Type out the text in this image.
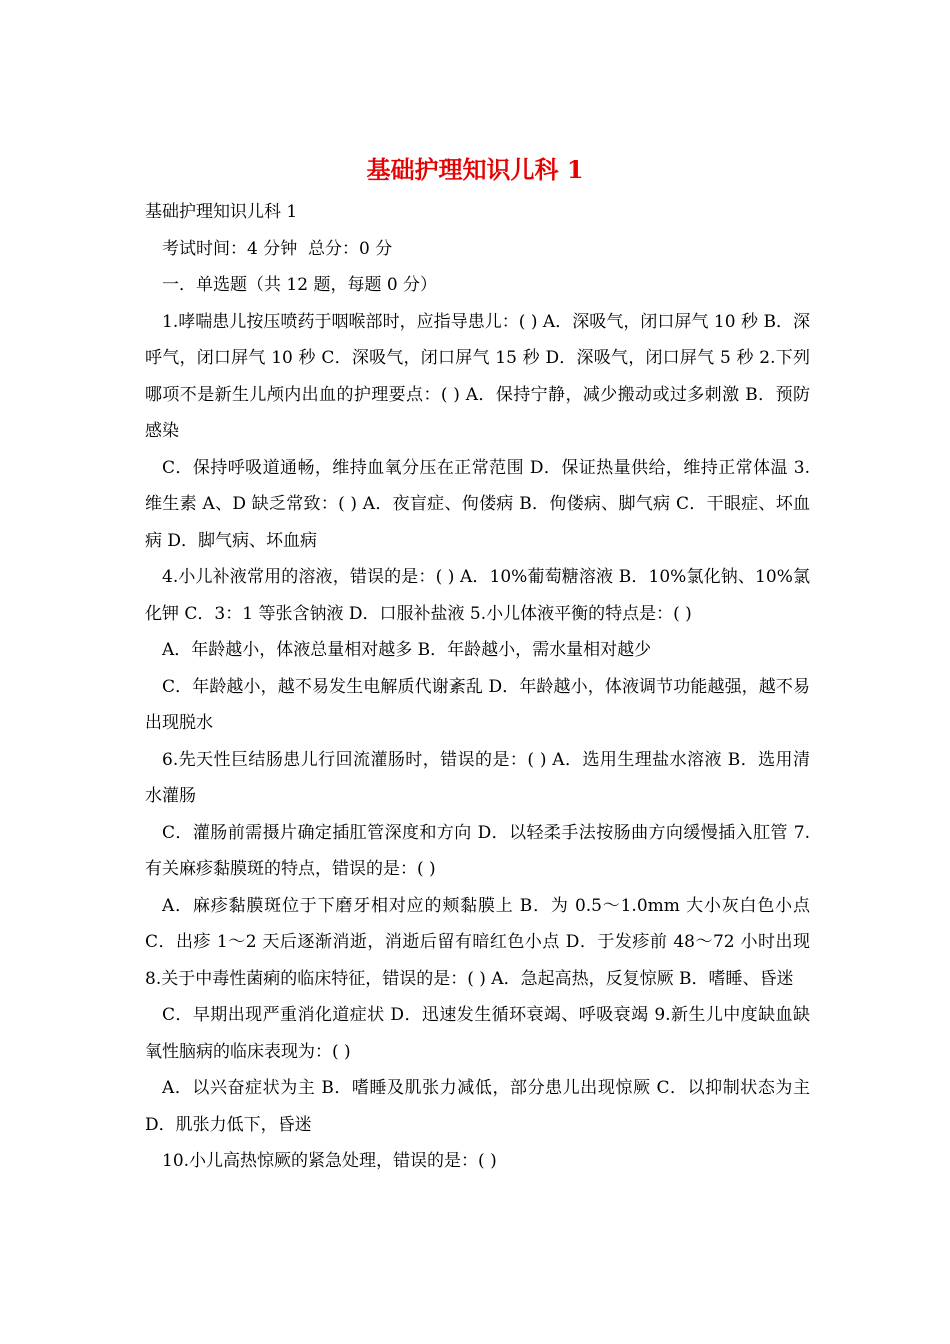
基础护理知识儿科 1

基础护理知识儿科 1

考试时间：4 分钟  总分：0 分

一．单选题（共 12 题，每题 0 分）

1.哮喘患儿按压喷药于咽喉部时，应指导患儿：( ) A．深吸气，闭口屏气 10 秒 B．深呼气，闭口屏气 10 秒 C．深吸气，闭口屏气 15 秒 D．深吸气，闭口屏气 5 秒 2.下列哪项不是新生儿颅内出血的护理要点：( ) A．保持宁静，减少搬动或过多刺激 B．预防感染

C．保持呼吸道通畅，维持血氧分压在正常范围 D．保证热量供给，维持正常体温 3.维生素 A、D 缺乏常致：( ) A．夜盲症、佝偻病 B．佝偻病、脚气病 C．干眼症、坏血病 D．脚气病、坏血病

4.小儿补液常用的溶液，错误的是：( ) A．10%葡萄糖溶液 B．10%氯化钠、10%氯化钾 C．3：1 等张含钠液 D．口服补盐液 5.小儿体液平衡的特点是：( )

A．年龄越小，体液总量相对越多 B．年龄越小，需水量相对越少

C．年龄越小，越不易发生电解质代谢紊乱 D．年龄越小，体液调节功能越强，越不易出现脱水

6.先天性巨结肠患儿行回流灌肠时，错误的是：( ) A．选用生理盐水溶液 B．选用清水灌肠

C．灌肠前需摄片确定插肛管深度和方向 D．以轻柔手法按肠曲方向缓慢插入肛管 7.有关麻疹黏膜斑的特点，错误的是：( )

A．麻疹黏膜斑位于下磨牙相对应的颊黏膜上 B．为 0.5～1.0mm 大小灰白色小点 C．出疹 1～2 天后逐渐消逝，消逝后留有暗红色小点 D．于发疹前 48～72 小时出现 8.关于中毒性菌痢的临床特征，错误的是：( ) A．急起高热，反复惊厥 B．嗜睡、昏迷

C．早期出现严重消化道症状 D．迅速发生循环衰竭、呼吸衰竭 9.新生儿中度缺血缺氧性脑病的临床表现为：( )

A．以兴奋症状为主 B．嗜睡及肌张力减低，部分患儿出现惊厥 C．以抑制状态为主 D．肌张力低下，昏迷

10.小儿高热惊厥的紧急处理，错误的是：( )
